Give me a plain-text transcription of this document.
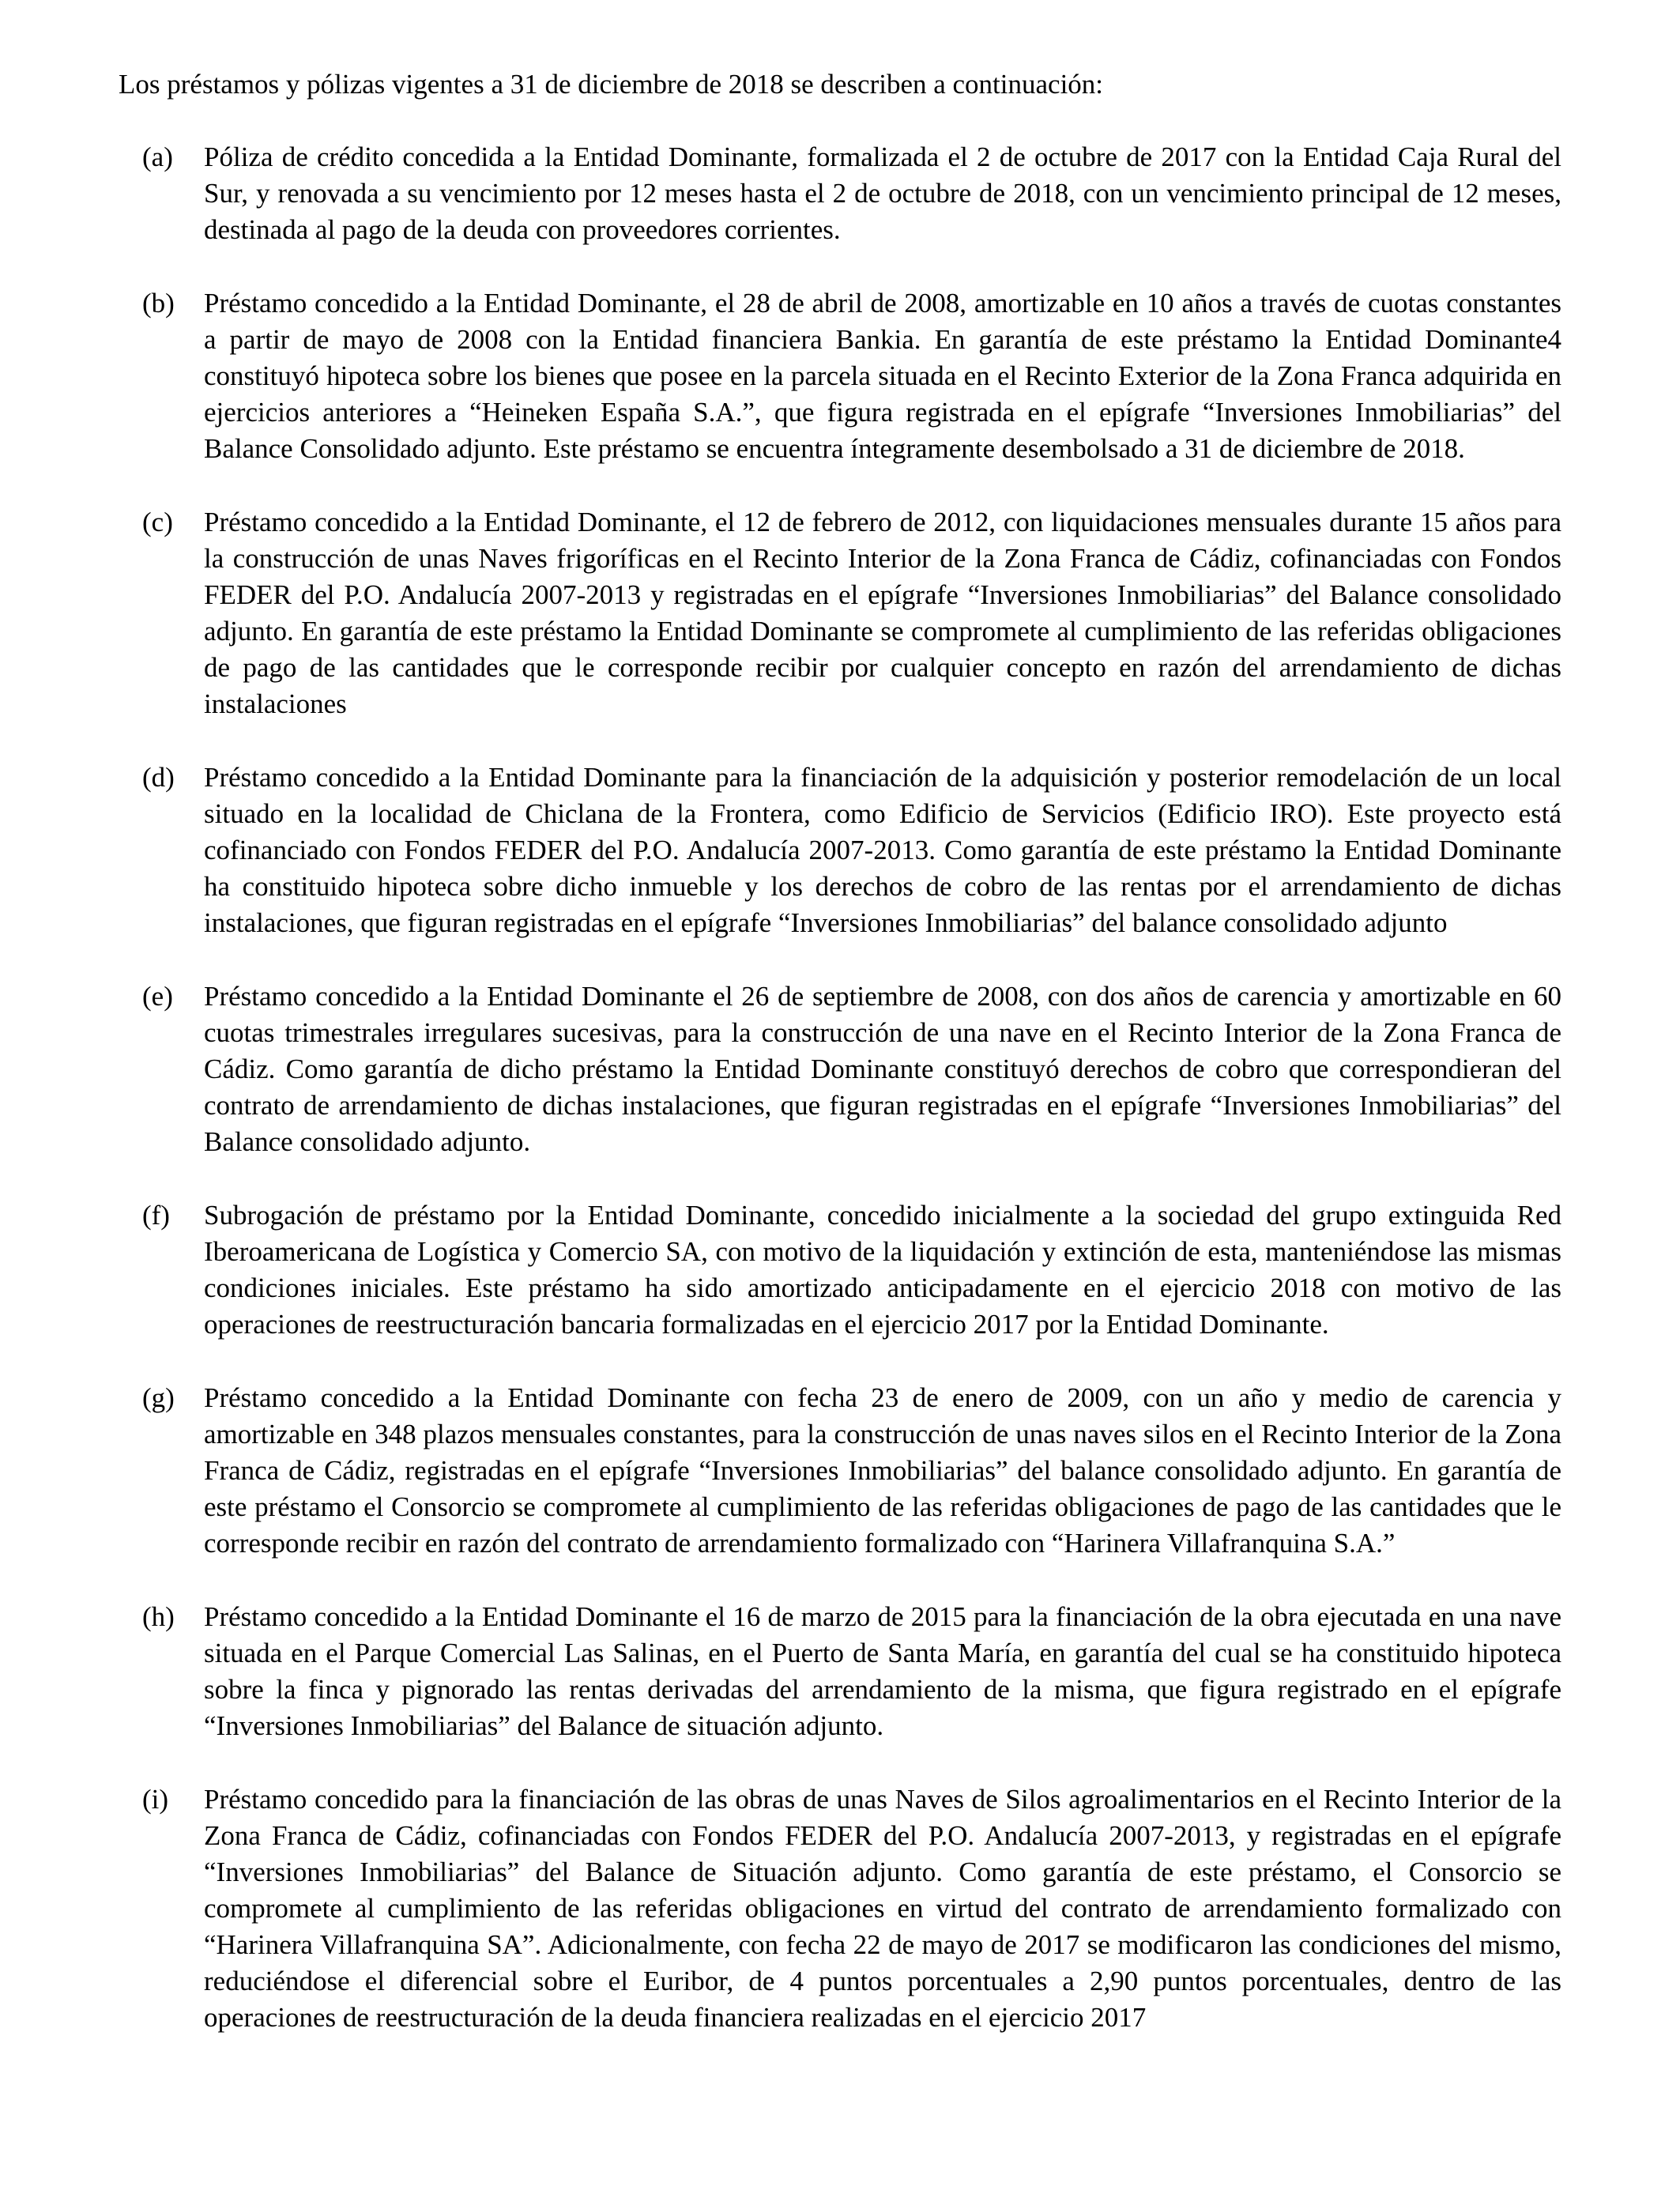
Los préstamos y pólizas vigentes a 31 de diciembre de 2018 se describen a continuación:

(a)	Póliza de crédito concedida a la Entidad Dominante, formalizada el 2 de octubre de 2017 con la Entidad Caja Rural del Sur, y renovada a su vencimiento por 12 meses hasta el 2 de octubre de 2018, con un vencimiento principal de 12 meses, destinada al pago de la deuda con proveedores corrientes.
(b)	Préstamo concedido a la Entidad Dominante, el 28 de abril de 2008, amortizable en 10 años a través de cuotas constantes a partir de mayo de 2008 con la Entidad financiera Bankia. En garantía de este préstamo la Entidad Dominante4 constituyó hipoteca sobre los bienes que posee en la parcela situada en el Recinto Exterior de la Zona Franca adquirida en ejercicios anteriores a “Heineken España S.A.”, que figura registrada en el epígrafe “Inversiones Inmobiliarias” del Balance Consolidado adjunto. Este préstamo se encuentra íntegramente desembolsado a 31 de diciembre de 2018.
(c)	Préstamo concedido a la Entidad Dominante, el 12 de febrero de 2012, con liquidaciones mensuales durante 15 años para la construcción de unas Naves frigoríficas en el Recinto Interior de la Zona Franca de Cádiz, cofinanciadas con Fondos FEDER del P.O. Andalucía 2007-2013 y registradas en el epígrafe “Inversiones Inmobiliarias” del Balance consolidado adjunto. En garantía de este préstamo la Entidad Dominante se compromete al cumplimiento de las referidas obligaciones de pago de las cantidades que le corresponde recibir por cualquier concepto en razón del arrendamiento de dichas instalaciones
(d)	Préstamo concedido a la Entidad Dominante para la financiación de la adquisición y posterior remodelación de un local situado en la localidad de Chiclana de la Frontera, como Edificio de Servicios (Edificio IRO). Este proyecto está cofinanciado con Fondos FEDER del P.O. Andalucía 2007-2013. Como garantía de este préstamo la Entidad Dominante ha constituido hipoteca sobre dicho inmueble y los derechos de cobro de las rentas por el arrendamiento de dichas instalaciones, que figuran registradas en el epígrafe “Inversiones Inmobiliarias” del balance consolidado adjunto
(e)	Préstamo concedido a la Entidad Dominante el 26 de septiembre de 2008, con dos años de carencia y amortizable en 60 cuotas trimestrales irregulares sucesivas, para la construcción de una nave en el Recinto Interior de la Zona Franca de Cádiz. Como garantía de dicho préstamo la Entidad Dominante constituyó derechos de cobro que correspondieran del contrato de arrendamiento de dichas instalaciones, que figuran registradas en el epígrafe “Inversiones Inmobiliarias” del Balance consolidado adjunto.
(f)	Subrogación de préstamo por la Entidad Dominante, concedido inicialmente a la sociedad del grupo extinguida Red Iberoamericana de Logística y Comercio SA, con motivo de la liquidación y extinción de esta, manteniéndose las mismas condiciones iniciales. Este préstamo ha sido amortizado anticipadamente en el ejercicio 2018 con motivo de las operaciones de reestructuración bancaria formalizadas en el ejercicio 2017 por la Entidad Dominante.
(g)	Préstamo concedido a la Entidad Dominante con fecha 23 de enero de 2009, con un año y medio de carencia y amortizable en 348 plazos mensuales constantes, para la construcción de unas naves silos en el Recinto Interior de la Zona Franca de Cádiz, registradas en el epígrafe “Inversiones Inmobiliarias” del balance consolidado adjunto. En garantía de este préstamo el Consorcio se compromete al cumplimiento de las referidas obligaciones de pago de las cantidades que le corresponde recibir en razón del contrato de arrendamiento formalizado con “Harinera Villafranquina S.A.”
(h)	Préstamo concedido a la Entidad Dominante el 16 de marzo de 2015 para la financiación de la obra ejecutada en una nave situada en el Parque Comercial Las Salinas, en el Puerto de Santa María, en garantía del cual se ha constituido hipoteca sobre la finca y pignorado las rentas derivadas del arrendamiento de la misma, que figura registrado en el epígrafe “Inversiones Inmobiliarias” del Balance de situación adjunto.
(i)	Préstamo concedido para la financiación de las obras de unas Naves de Silos agroalimentarios en el Recinto Interior de la Zona Franca de Cádiz, cofinanciadas con Fondos FEDER del P.O. Andalucía 2007-2013, y registradas en el epígrafe “Inversiones Inmobiliarias” del Balance de Situación adjunto. Como garantía de este préstamo, el Consorcio se compromete al cumplimiento de las referidas obligaciones en virtud del contrato de arrendamiento formalizado con “Harinera Villafranquina SA”. Adicionalmente, con fecha 22 de mayo de 2017 se modificaron las condiciones del mismo, reduciéndose el diferencial sobre el Euribor, de 4 puntos porcentuales a 2,90 puntos porcentuales, dentro de las operaciones de reestructuración de la deuda financiera realizadas en el ejercicio 2017
